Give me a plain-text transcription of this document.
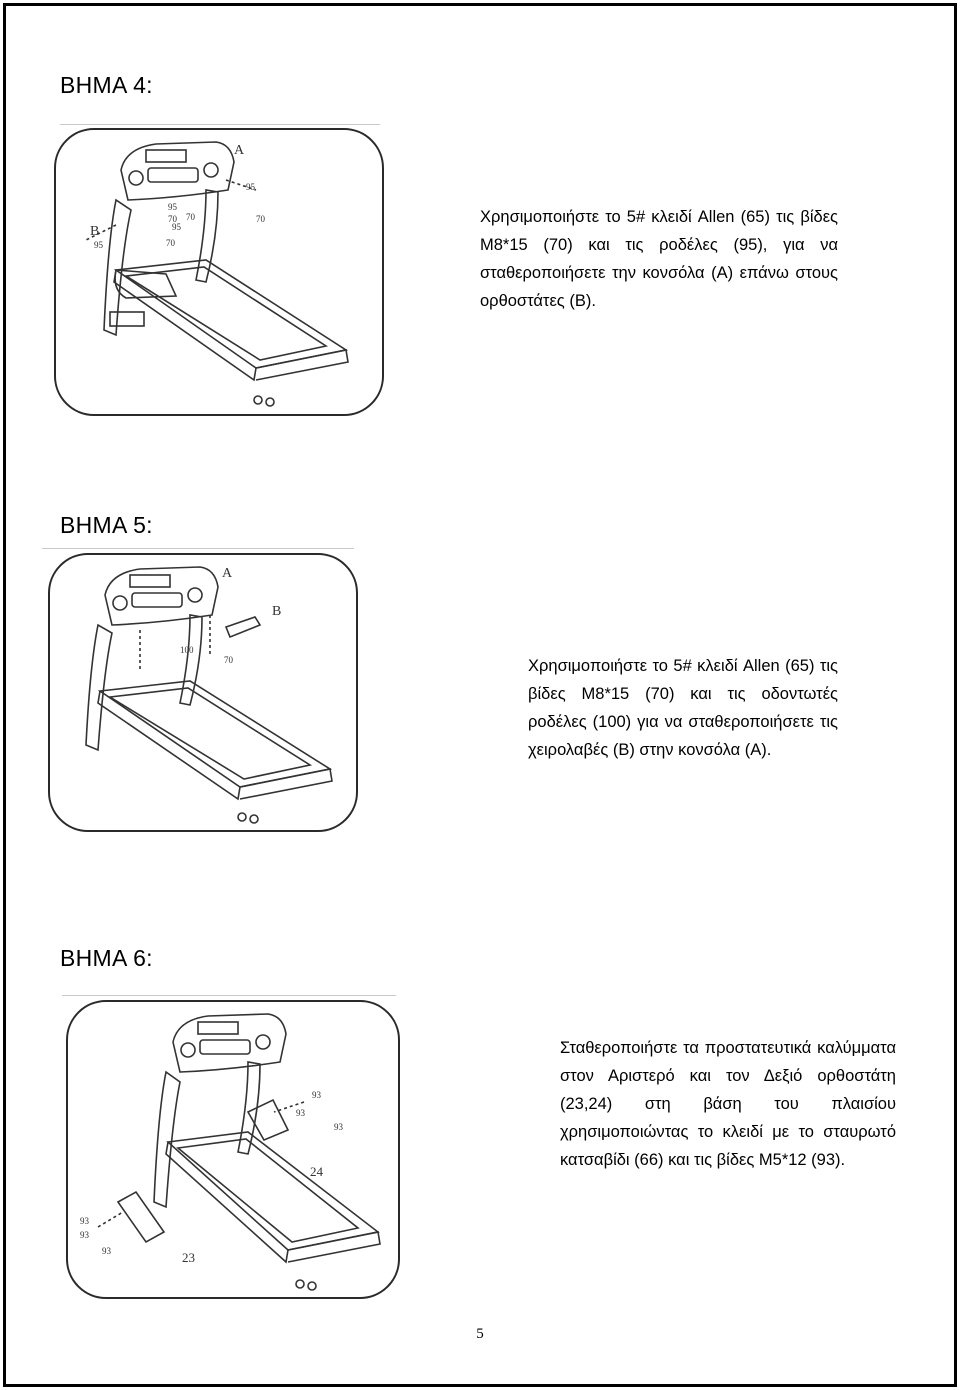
ΒΗΜΑ 4:
A
B
95
70
95
70
95
70
95	70

Χρησιμοποιήστε το 5# κλειδί Allen (65) τις βίδες M8*15 (70) και τις ροδέλες (95), για να σταθεροποιήσετε την κονσόλα (A) επάνω στους ορθοστάτες (B).

ΒΗΜΑ 5:
A
B
100
70	Χρησιμοποιήστε το 5# κλειδί Allen (65) τις βίδες M8*15 (70) και τις οδοντωτές ροδέλες (100) για να σταθεροποιήσετε τις χειρολαβές (B) στην κονσόλα (A).

ΒΗΜΑ 6:
93
93
93
24
93
93
93	23

Σταθεροποιήστε τα προστατευτικά καλύμματα στον Αριστερό και τον Δεξιό ορθοστάτη (23,24) στη βάση του πλαισίου χρησιμοποιώντας το κλειδί με το σταυρωτό κατσαβίδι (66) και τις βίδες M5*12 (93).

5
